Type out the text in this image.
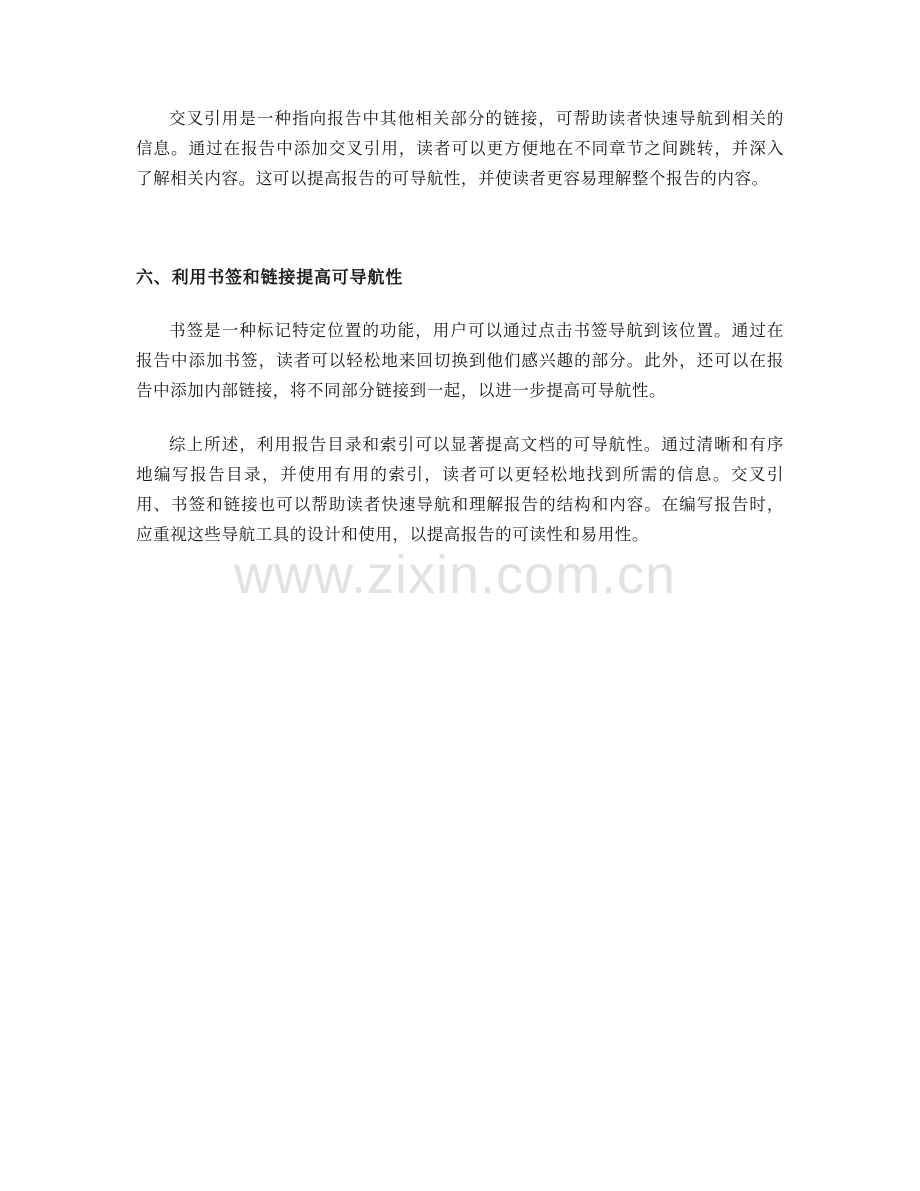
交叉引用是一种指向报告中其他相关部分的链接，可帮助读者快速导航到相关的信息。通过在报告中添加交叉引用，读者可以更方便地在不同章节之间跳转，并深入了解相关内容。这可以提高报告的可导航性，并使读者更容易理解整个报告的内容。

六、利用书签和链接提高可导航性

书签是一种标记特定位置的功能，用户可以通过点击书签导航到该位置。通过在报告中添加书签，读者可以轻松地来回切换到他们感兴趣的部分。此外，还可以在报告中添加内部链接，将不同部分链接到一起，以进一步提高可导航性。

综上所述，利用报告目录和索引可以显著提高文档的可导航性。通过清晰和有序地编写报告目录，并使用有用的索引，读者可以更轻松地找到所需的信息。交叉引用、书签和链接也可以帮助读者快速导航和理解报告的结构和内容。在编写报告时，应重视这些导航工具的设计和使用，以提高报告的可读性和易用性。

www.zixin.com.cn
